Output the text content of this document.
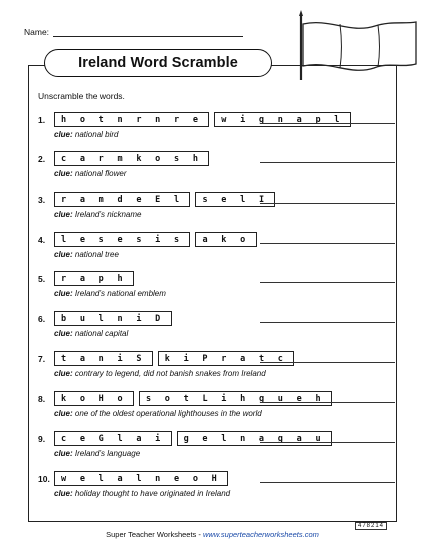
Name:
Ireland Word Scramble
Unscramble the words.
1.	h o t n r n r e	w i g n a p l
clue: national bird
2.	c a r m k o s h
clue: national flower
3.	r a m d e E l	s e l I
clue: Ireland’s nickname
4.	l e s e s i s	a k o
clue: national tree
5.	r a p h
clue: Ireland’s national emblem
6.	b u l n i D
clue: national capital
7.	t a n i S	k i P r a t c
clue: contrary to legend, did not banish snakes from Ireland
8.	k o H o	s o t L i h g u e h
clue: one of the oldest operational lighthouses in the world
9.	c e G l a i	g e l n a g a u
clue: Ireland’s language
10.	w e l a l n e o H
clue: holiday thought to have originated in Ireland
478214
Super Teacher Worksheets - www.superteacherworksheets.com
